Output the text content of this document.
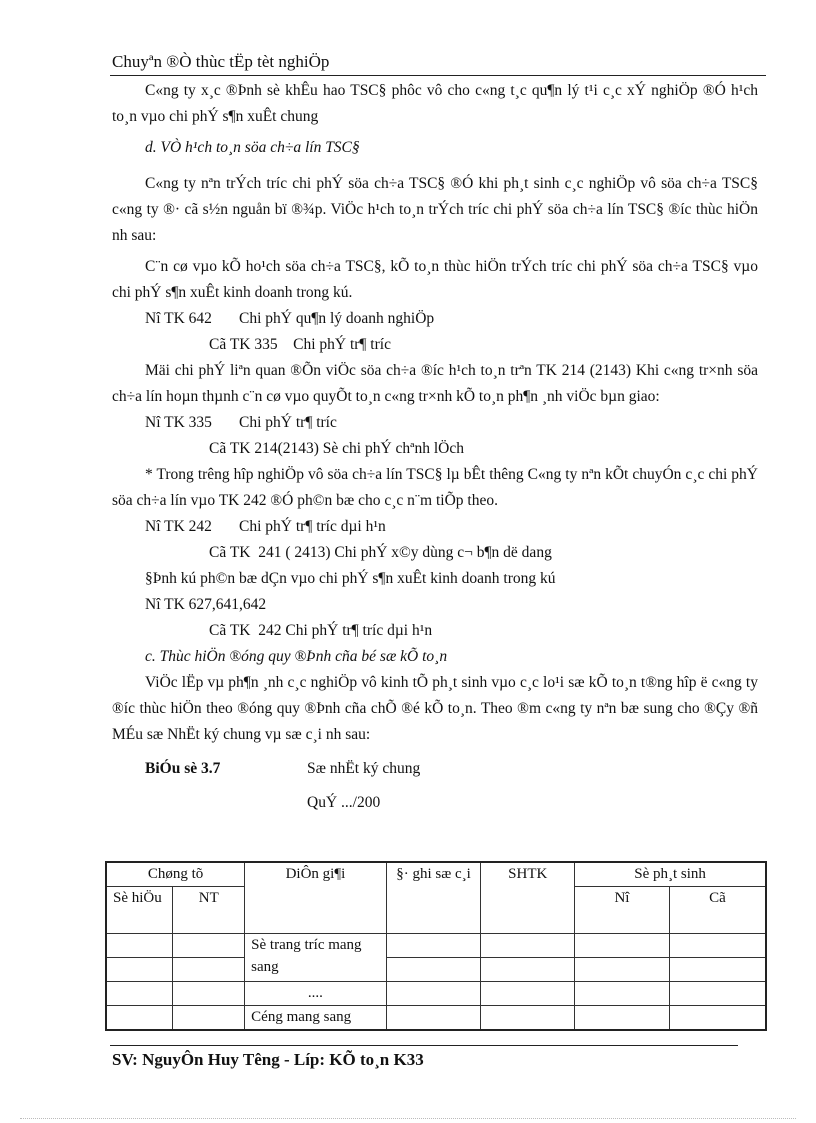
Chuyªn ®Ò thùc tËp tèt nghiÖp

C«ng ty x¸c ®Þnh sè khÊu hao TSC§ phôc vô cho c«ng t¸c qu¶n lý t¹i c¸c xÝ nghiÖp ®Ó h¹ch to¸n vµo chi phÝ s¶n xuÊt chung

d. VÒ h¹ch to¸n söa ch÷a lín TSC§

C«ng ty nªn trÝch tríc chi phÝ söa ch÷a TSC§ ®Ó khi ph¸t sinh c¸c nghiÖp vô söa ch÷a TSC§ c«ng ty ®· cã s½n nguån bï ®¾p. ViÖc h¹ch to¸n trÝch tríc chi phÝ söa ch÷a lín TSC§ ®íc thùc hiÖn nh sau:

C¨n cø vµo kÕ ho¹ch söa ch÷a TSC§, kÕ to¸n thùc hiÖn trÝch tríc chi phÝ söa ch÷a TSC§ vµo chi phÝ s¶n xuÊt kinh doanh trong kú.

Nî TK 642       Chi phÝ qu¶n lý doanh nghiÖp

Cã TK 335    Chi phÝ tr¶ tríc

Mäi chi phÝ liªn quan ®Õn viÖc söa ch÷a ®íc h¹ch to¸n trªn TK 214 (2143) Khi c«ng tr×nh söa ch÷a lín hoµn thµnh c¨n cø vµo quyÕt to¸n c«ng tr×nh kÕ to¸n ph¶n ¸nh viÖc bµn giao:

Nî TK 335       Chi phÝ tr¶ tríc

Cã TK 214(2143) Sè chi phÝ chªnh lÖch

* Trong trêng hîp nghiÖp vô söa ch÷a lín TSC§ lµ bÊt thêng C«ng ty nªn kÕt chuyÓn c¸c chi phÝ söa ch÷a lín vµo TK 242 ®Ó ph©n bæ cho c¸c n¨m tiÕp theo.

Nî TK 242       Chi phÝ tr¶ tríc dµi h¹n

Cã TK  241 ( 2413) Chi phÝ x©y dùng c¬ b¶n dë dang

§Þnh kú ph©n bæ dÇn vµo chi phÝ s¶n xuÊt kinh doanh trong kú

Nî TK 627,641,642

Cã TK  242 Chi phÝ tr¶ tríc dµi h¹n

c. Thùc hiÖn ®óng quy ®Þnh cña bé sæ kÕ to¸n

ViÖc lËp vµ ph¶n ¸nh c¸c nghiÖp vô kinh tÕ ph¸t sinh vµo c¸c lo¹i sæ kÕ to¸n t®ng hîp ë c«ng ty ®íc thùc hiÖn theo ®óng quy ®Þnh cña chÕ ®é kÕ to¸n. Theo ®m c«ng ty nªn bæ sung cho ®Çy ®ñ MÉu sæ NhËt ký chung vµ sæ c¸i nh sau:

BiÓu sè 3.7	Sæ nhËt ký chung

QuÝ .../200

Chøng tõ		DiÔn gi¶i	§· ghi sæ c¸i	SHTK	Sè ph¸t sinh	
Sè hiÖu	NT				Nî	Cã
		Sè trang tríc mang sang				

		....				
		Céng mang sang				
SV: NguyÔn Huy Têng - Líp: KÕ to¸n K33
